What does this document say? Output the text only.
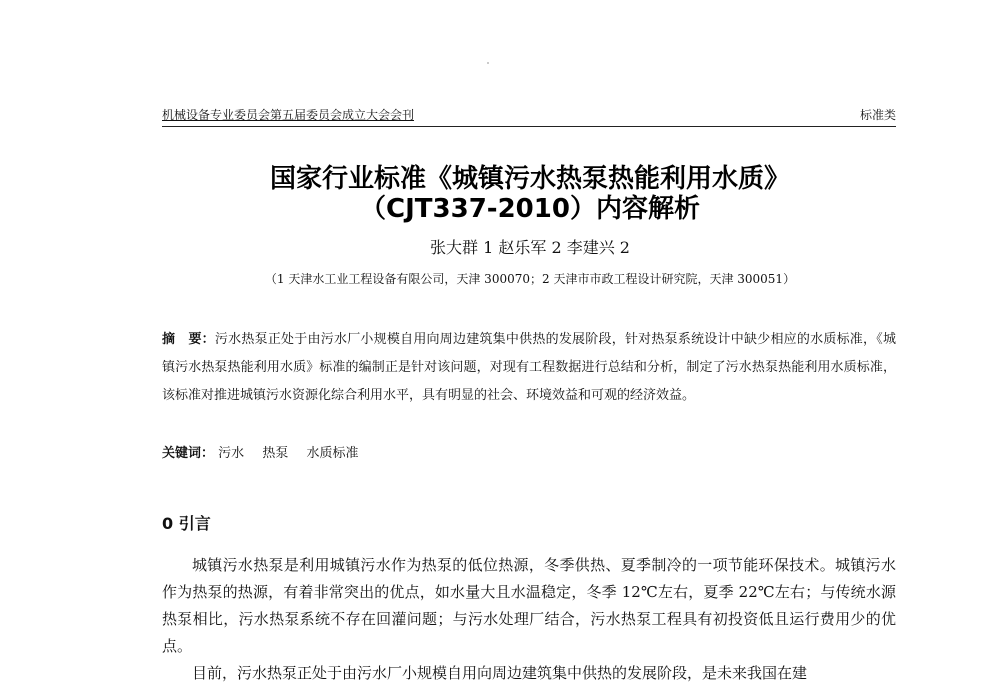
机械设备专业委员会第五届委员会成立大会会刊	标准类
国家行业标准《城镇污水热泵热能利用水质》
（CJT337-2010）内容解析
张大群 1 赵乐军 2 李建兴 2
（1 天津水工业工程设备有限公司，天津 300070；2 天津市市政工程设计研究院，天津 300051）
摘　要：污水热泵正处于由污水厂小规模自用向周边建筑集中供热的发展阶段，针对热泵系统设计中缺少相应的水质标准，《城镇污水热泵热能利用水质》标准的编制正是针对该问题，对现有工程数据进行总结和分析，制定了污水热泵热能利用水质标准，该标准对推进城镇污水资源化综合利用水平，具有明显的社会、环境效益和可观的经济效益。
关键词： 污水 热泵 水质标准
0 引言

城镇污水热泵是利用城镇污水作为热泵的低位热源，冬季供热、夏季制冷的一项节能环保技术。城镇污水作为热泵的热源，有着非常突出的优点，如水量大且水温稳定，冬季 12℃左右，夏季 22℃左右；与传统水源热泵相比，污水热泵系统不存在回灌问题；与污水处理厂结合，污水热泵工程具有初投资低且运行费用少的优点。

目前，污水热泵正处于由污水厂小规模自用向周边建筑集中供热的发展阶段，是未来我国在建
